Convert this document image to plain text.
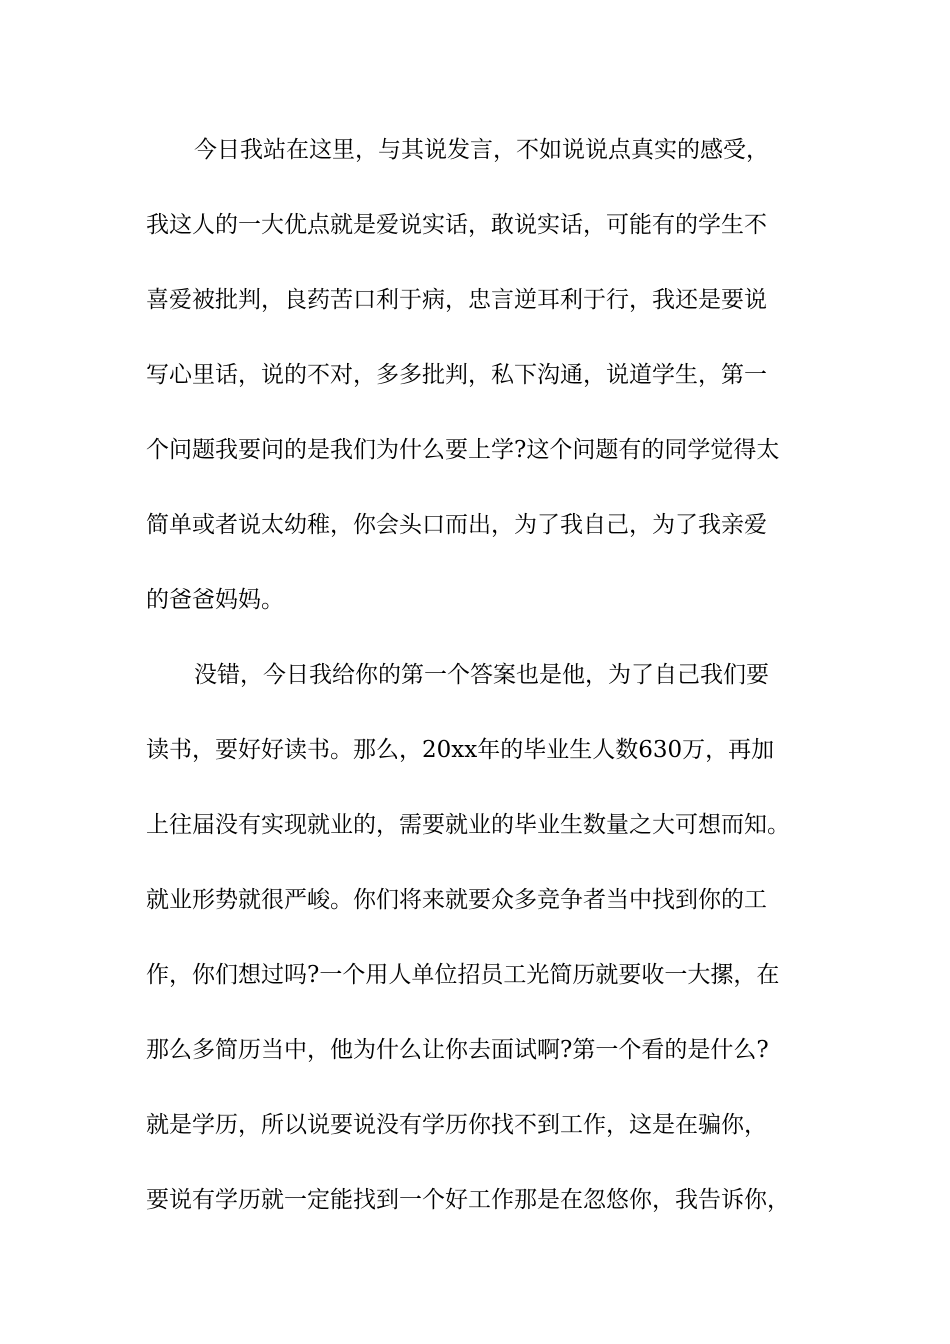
今日我站在这里，与其说发言，不如说说点真实的感受，
我这人的一大优点就是爱说实话，敢说实话，可能有的学生不
喜爱被批判，良药苦口利于病，忠言逆耳利于行，我还是要说
写心里话，说的不对，多多批判，私下沟通，说道学生，第一
个问题我要问的是我们为什么要上学?这个问题有的同学觉得太
简单或者说太幼稚，你会头口而出，为了我自己，为了我亲爱
的爸爸妈妈。
没错，今日我给你的第一个答案也是他，为了自己我们要
读书，要好好读书。那么，20xx年的毕业生人数630万，再加
上往届没有实现就业的，需要就业的毕业生数量之大可想而知。
就业形势就很严峻。你们将来就要众多竞争者当中找到你的工
作，你们想过吗?一个用人单位招员工光简历就要收一大摞，在
那么多简历当中，他为什么让你去面试啊?第一个看的是什么?
就是学历，所以说要说没有学历你找不到工作，这是在骗你，
要说有学历就一定能找到一个好工作那是在忽悠你，我告诉你，
